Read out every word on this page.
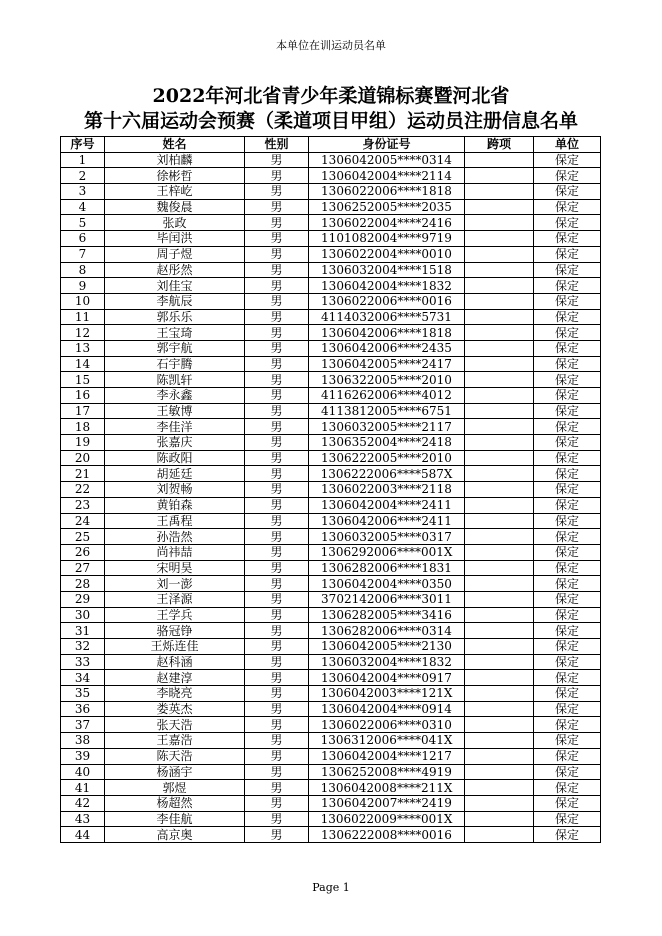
本单位在训运动员名单
2022年河北省青少年柔道锦标赛暨河北省
第十六届运动会预赛（柔道项目甲组）运动员注册信息名单
序号	姓名	性别	身份证号	跨项	单位
1	刘柏麟	男	1306042005****0314		保定
2	徐彬哲	男	1306042004****2114		保定
3	王梓屹	男	1306022006****1818		保定
4	魏俊晨	男	1306252005****2035		保定
5	张政	男	1306022004****2416		保定
6	毕闰洪	男	1101082004****9719		保定
7	周子煜	男	1306022004****0010		保定
8	赵彤然	男	1306032004****1518		保定
9	刘佳宝	男	1306042004****1832		保定
10	李航辰	男	1306022006****0016		保定
11	郭乐乐	男	4114032006****5731		保定
12	王宝琦	男	1306042006****1818		保定
13	郭宇航	男	1306042006****2435		保定
14	石宇腾	男	1306042005****2417		保定
15	陈凯轩	男	1306322005****2010		保定
16	李永鑫	男	4116262006****4012		保定
17	王敏博	男	4113812005****6751		保定
18	李佳洋	男	1306032005****2117		保定
19	张嘉庆	男	1306352004****2418		保定
20	陈政阳	男	1306222005****2010		保定
21	胡延廷	男	1306222006****587X		保定
22	刘贺畅	男	1306022003****2118		保定
23	黄铂森	男	1306042004****2411		保定
24	王禹程	男	1306042006****2411		保定
25	孙浩然	男	1306032005****0317		保定
26	尚祎喆	男	1306292006****001X		保定
27	宋明昊	男	1306282006****1831		保定
28	刘一澎	男	1306042004****0350		保定
29	王泽源	男	3702142006****3011		保定
30	王学兵	男	1306282005****3416		保定
31	骆冠铮	男	1306282006****0314		保定
32	王烁连佳	男	1306042005****2130		保定
33	赵科涵	男	1306032004****1832		保定
34	赵建淳	男	1306042004****0917		保定
35	李晓亮	男	1306042003****121X		保定
36	娄英杰	男	1306042004****0914		保定
37	张天浩	男	1306022006****0310		保定
38	王嘉浩	男	1306312006****041X		保定
39	陈天浩	男	1306042004****1217		保定
40	杨涵宇	男	1306252008****4919		保定
41	郭煜	男	1306042008****211X		保定
42	杨超然	男	1306042007****2419		保定
43	李佳航	男	1306022009****001X		保定
44	高京奥	男	1306222008****0016		保定
Page 1
